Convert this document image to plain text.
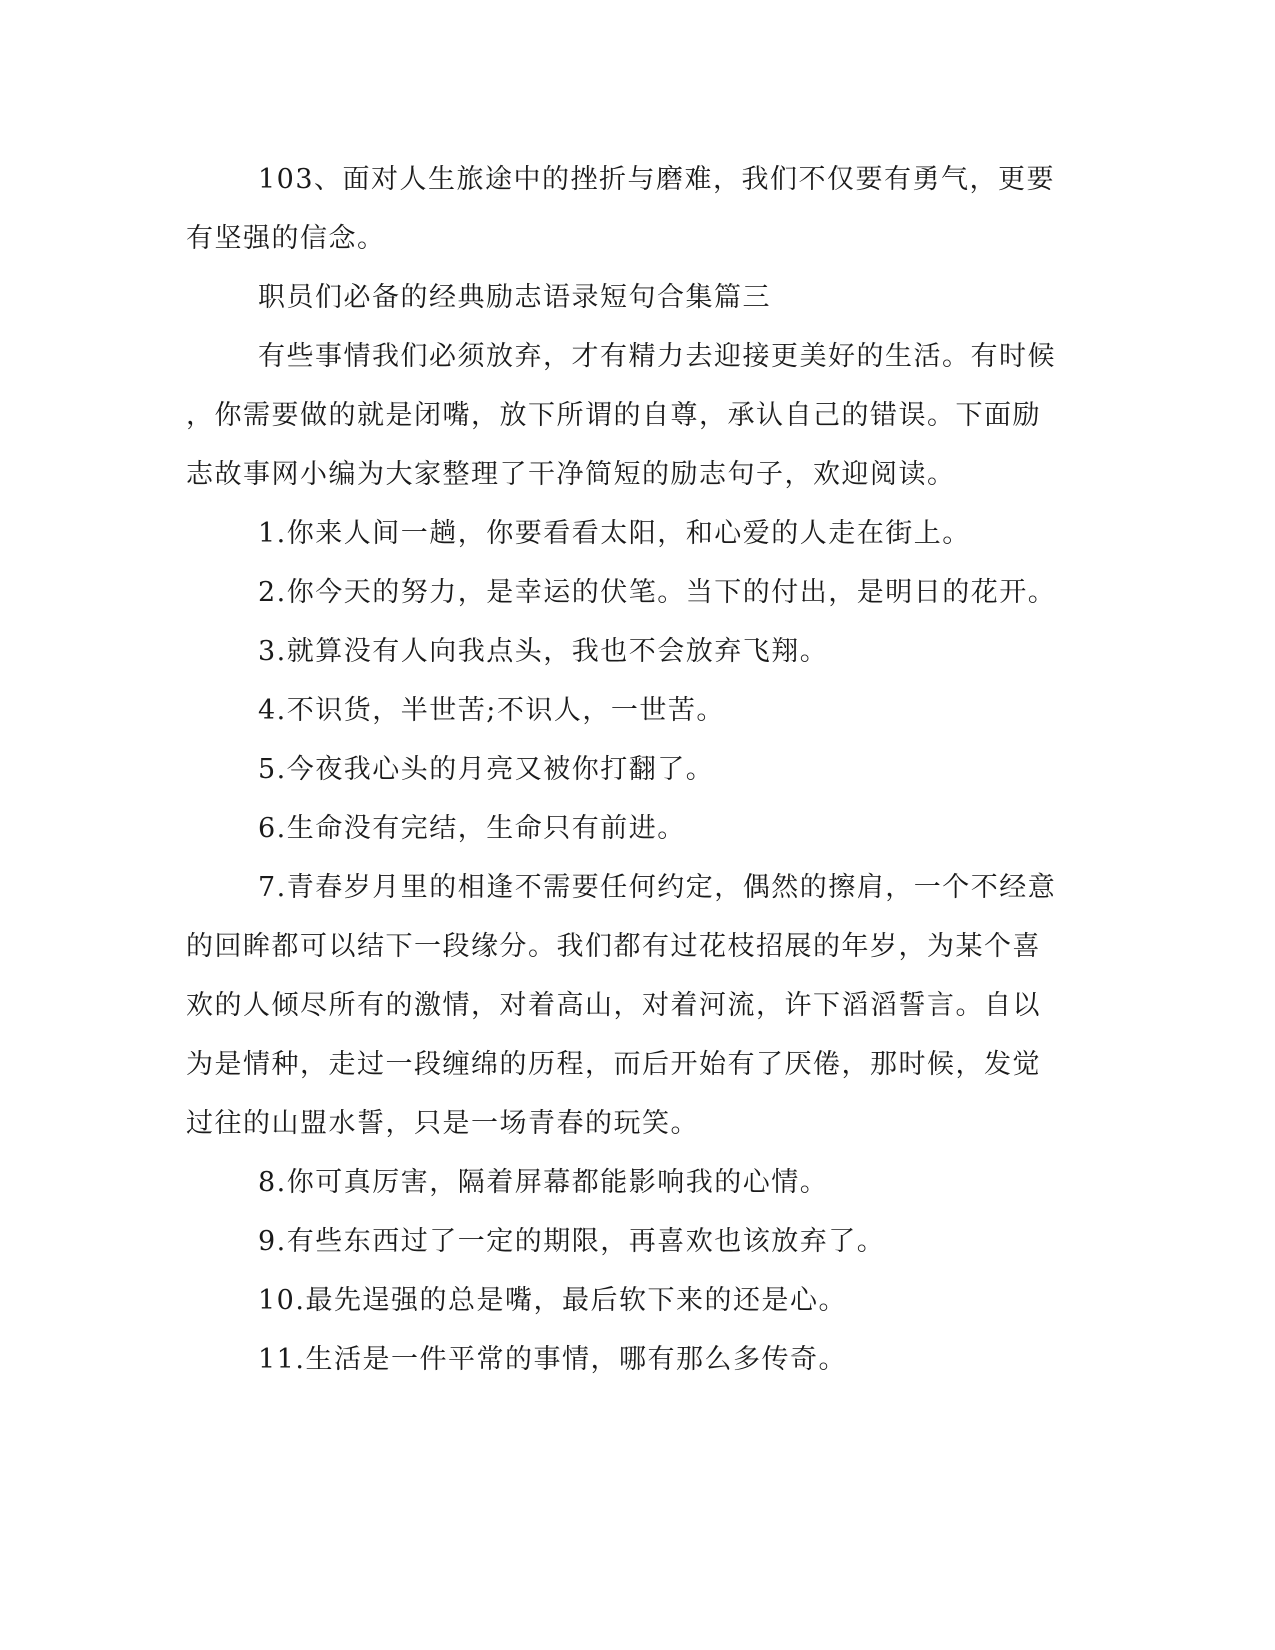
103、面对人生旅途中的挫折与磨难，我们不仅要有勇气，更要

有坚强的信念。

职员们必备的经典励志语录短句合集篇三

有些事情我们必须放弃，才有精力去迎接更美好的生活。有时候

，你需要做的就是闭嘴，放下所谓的自尊，承认自己的错误。下面励

志故事网小编为大家整理了干净简短的励志句子，欢迎阅读。

1.你来人间一趟，你要看看太阳，和心爱的人走在街上。

2.你今天的努力，是幸运的伏笔。当下的付出，是明日的花开。

3.就算没有人向我点头，我也不会放弃飞翔。

4.不识货，半世苦;不识人，一世苦。

5.今夜我心头的月亮又被你打翻了。

6.生命没有完结，生命只有前进。

7.青春岁月里的相逢不需要任何约定，偶然的擦肩，一个不经意

的回眸都可以结下一段缘分。我们都有过花枝招展的年岁，为某个喜

欢的人倾尽所有的激情，对着高山，对着河流，许下滔滔誓言。自以

为是情种，走过一段缠绵的历程，而后开始有了厌倦，那时候，发觉

过往的山盟水誓，只是一场青春的玩笑。

8.你可真厉害，隔着屏幕都能影响我的心情。

9.有些东西过了一定的期限，再喜欢也该放弃了。

10.最先逞强的总是嘴，最后软下来的还是心。

11.生活是一件平常的事情，哪有那么多传奇。
